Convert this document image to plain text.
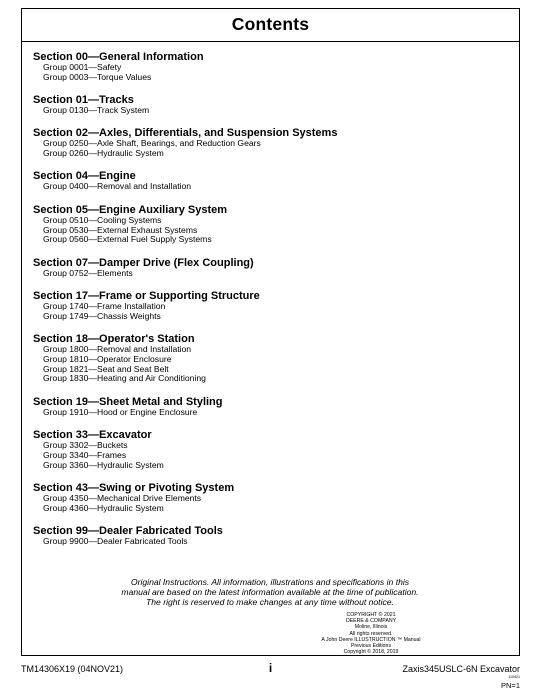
Contents
Section 00— General Information
Group 0001— Safety
Group 0003— Torque Values
Section 01— Tracks
Group 0130— Track System
Section 02— Axles, Differentials, and Suspension Systems
Group 0250— Axle Shaft, Bearings, and Reduction Gears
Group 0260— Hydraulic System
Section 04— Engine
Group 0400— Removal and Installation
Section 05— Engine Auxiliary System
Group 0510— Cooling Systems
Group 0530— External Exhaust Systems
Group 0560— External Fuel Supply Systems
Section 07— Damper Drive (Flex Coupling)
Group 0752— Elements
Section 17— Frame or Supporting Structure
Group 1740— Frame Installation
Group 1749— Chassis Weights
Section 18— Operator's Station
Group 1800— Removal and Installation
Group 1810— Operator Enclosure
Group 1821— Seat and Seat Belt
Group 1830— Heating and Air Conditioning
Section 19— Sheet Metal and Styling
Group 1910— Hood or Engine Enclosure
Section 33— Excavator
Group 3302— Buckets
Group 3340— Frames
Group 3360— Hydraulic System
Section 43— Swing or Pivoting System
Group 4350— Mechanical Drive Elements
Group 4360— Hydraulic System
Section 99— Dealer Fabricated Tools
Group 9900— Dealer Fabricated Tools
Original Instructions. All information, illustrations and specifications in this
manual are based on the latest information available at the time of publication.
The right is reserved to make changes at any time without notice.
COPYRIGHT © 2021
DEERE & COMPANY
Moline, Illinois
All rights reserved.
A John Deere ILLUSTRUCTION ™ Manual
Previous Editions
Copyright © 2018, 2019
TM14306X19 (04NOV21)	i	Zaxis345USLC-6N Excavator
110421
PN=1
